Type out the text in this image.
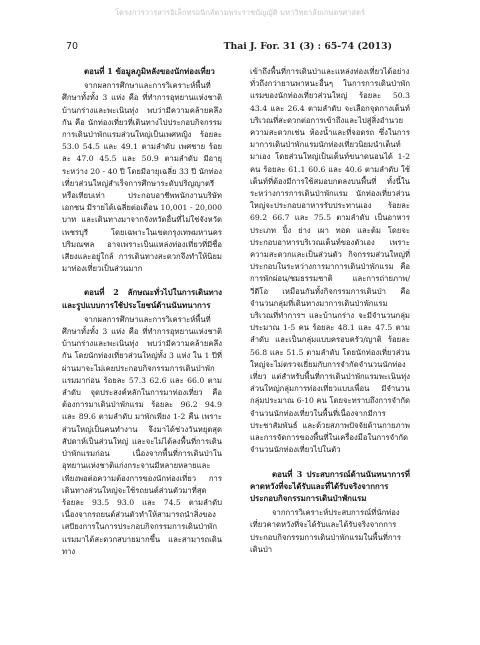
โครงการวารสารอิเล็กทรอนิกส์ตามพระราชบัญญัติ มหาวิทยาลัยเกษตรศาสตร์
70	Thai J. For. 31 (3) : 65-74 (2013)

ตอนที่ 1 ข้อมูลภูมิหลังของนักท่องเที่ยว

จากผลการศึกษาและการวิเคราะห์พื้นที่ศึกษาทั้งทั้ง 3 แห่ง คือ ที่ทำการอุทยานแห่งชาติบ้านกร่างและพะเนินทุ่ง พบว่ามีความคล้ายคลึงกัน คือ นักท่องเที่ยวที่เดินทางไปประกอบกิจกรรมการเดินป่าพักแรมส่วนใหญ่เป็นเพศหญิง ร้อยละ 53.0 54.5 และ 49.1 ตามลำดับ เพศชาย ร้อยละ 47.0 45.5 และ 50.9 ตามลำดับ มีอายุระหว่าง 20 - 40 ปี โดยมีอายุเฉลี่ย 33 ปี นักท่องเที่ยวส่วนใหญ่สำเร็จการศึกษาระดับปริญญาตรีหรือเทียบเท่า ประกอบอาชีพพนักงานบริษัทเอกชน มีรายได้เฉลี่ยต่อเดือน 10,001 - 20,000 บาท และเดินทางมาจากจังหวัดอื่นที่ไม่ใช่จังหวัดเพชรบุรี โดยเฉพาะในเขตกรุงเทพมหานครปริมณฑล อาจเพราะเป็นแหล่งท่องเที่ยวที่มีชื่อเสียงและอยู่ใกล้ การเดินทางสะดวกจึงทำให้นิยมมาท่องเที่ยวเป็นส่วนมาก

ตอนที่ 2 ลักษณะทั่วไปในการเดินทางและรูปแบบการใช้ประโยชน์ด้านนันทนาการ

จากผลการศึกษาและการวิเคราะห์พื้นที่ศึกษาทั้งทั้ง 3 แห่ง คือ ที่ทำการอุทยานแห่งชาติบ้านกร่างและพะเนินทุ่ง พบว่ามีความคล้ายคลึงกัน โดยนักท่องเที่ยวส่วนใหญ่ทั้ง 3 แห่ง ใน 1 ปีที่ผ่านมาจะไม่เคยประกอบกิจกรรมการเดินป่าพักแรมมาก่อน ร้อยละ 57.3 62.6 และ 66.0 ตามลำดับ จุดประสงค์หลักในการมาท่องเที่ยว คือ ต้องการมาเดินป่าพักแรม ร้อยละ 96.2 94.9 และ 89.6 ตามลำดับ มาพักเพียง 1-2 คืน เพราะส่วนใหญ่เป็นคนทำงาน จึงมาได้ช่วงวันหยุดสุดสัปดาห์เป็นส่วนใหญ่ และจะไม่ได้ลงพื้นที่การเดินป่าพักแรมก่อน เนื่องจากพื้นที่การเดินป่าในอุทยานแห่งชาติแก่งกระจานมีหลายหลายและเพียงพอต่อความต้องการของนักท่องเที่ยว การเดินทางส่วนใหญ่จะใช้รถยนต์ส่วนตัวมาที่สุด ร้อยละ 93.5 93.0 และ 74.5 ตามลำดับ เนื่องจากรถยนต์ส่วนตัวทำให้สามารถนำสิ่งของเสบียงการในการประกอบกิจกรรมการเดินป่าพักแรมมาได้สะดวกสบายมากขึ้น และสามารถเดินทาง

เข้าถึงพื้นที่การเดินป่าและแหล่งท่องเที่ยวได้อย่างทั่วถึงกว่ายานพาหนะอื่นๆ ในการการเดินป่าพักแรมของนักท่องเที่ยวส่วนใหญ่ ร้อยละ 50.3 43.4 และ 26.4 ตามลำดับ จะเลือกจุดกางเต็นท์บริเวณที่สะดวกต่อการเข้าถึงและไปสู่สิ่งอำนวยความสะดวกเช่น ห้องน้ำและที่จอดรถ ซึ่งในการมาการเดินป่าพักแรมนักท่องเที่ยวนิยมนำเต็นท์มาเอง โดยส่วนใหญ่เป็นเต็นท์ขนาดนอนได้ 1-2 คน ร้อยละ 61.1 60.6 และ 40.6 ตามลำดับ ใช้เต็นท์ที่ต้องมีการใช้สมอบกตลงบนพื้นที่ ทั้งนี้ในระหว่างการการเดินป่าพักแรม นักท่องเที่ยวส่วนใหญ่จะประกอบอาหารรับประทานเอง ร้อยละ 69.2 66.7 และ 75.5 ตามลำดับ เป็นอาหารประเภท ปิ้ง ย่าง เผา ทอด และต้ม โดยจะประกอบอาหารบริเวณเต็นท์ของตัวเอง เพราะความสะดวกและเป็นส่วนตัว กิจกรรมส่วนใหญ่ที่ประกอบในระหว่างการมาการเดินป่าพักแรม คือ การพักผ่อน/ชมธรรมชาติ และการถ่ายภาพ/วีดีโอ เหมือนกันทั้งกิจกรรมการเดินป่า คือ จำนวนกลุ่มที่เดินทางมาการเดินป่าพักแรม บริเวณที่ทำการฯ และบ้านกร่าง จะมีจำนวนกลุ่มประมาณ 1-5 คน ร้อยละ 48.1 และ 47.5 ตามลำดับ และเป็นกลุ่มแบบครอบครัว/ญาติ ร้อยละ 56.8 และ 51.5 ตามลำดับ โดยนักท่องเที่ยวส่วนใหญ่จะไม่ตรวจเยี่ยมกับการจำกัดจำนวนนักท่องเที่ยว แต่สำหรับพื้นที่การเดินป่าพักแรมพะเนินทุ่ง ส่วนใหญ่กลุ่มการท่องเที่ยวแบบเพื่อน มีจำนวนกลุ่มประมาณ 6-10 คน โดยจะทราบถึงการจำกัดจำนวนนักท่องเที่ยวในพื้นที่เนื่องจากมีการประชาสัมพันธ์ และด้วยสภาพปัจจัยด้านกายภาพ และการจัดการของพื้นที่ในเครื่องมือในการจำกัดจำนวนนักท่องเที่ยวไปในตัว

ตอนที่ 3 ประสบการณ์ด้านนันทนาการที่คาดหวังที่จะได้รับและที่ได้รับจริงจากการประกอบกิจกรรมการเดินป่าพักแรม

จากการวิเคราะห์ประสบการณ์ที่นักท่องเที่ยวคาดหวังที่จะได้รับและได้รับจริงจากการประกอบกิจกรรมการเดินป่าพักแรมในพื้นที่การเดินป่า
